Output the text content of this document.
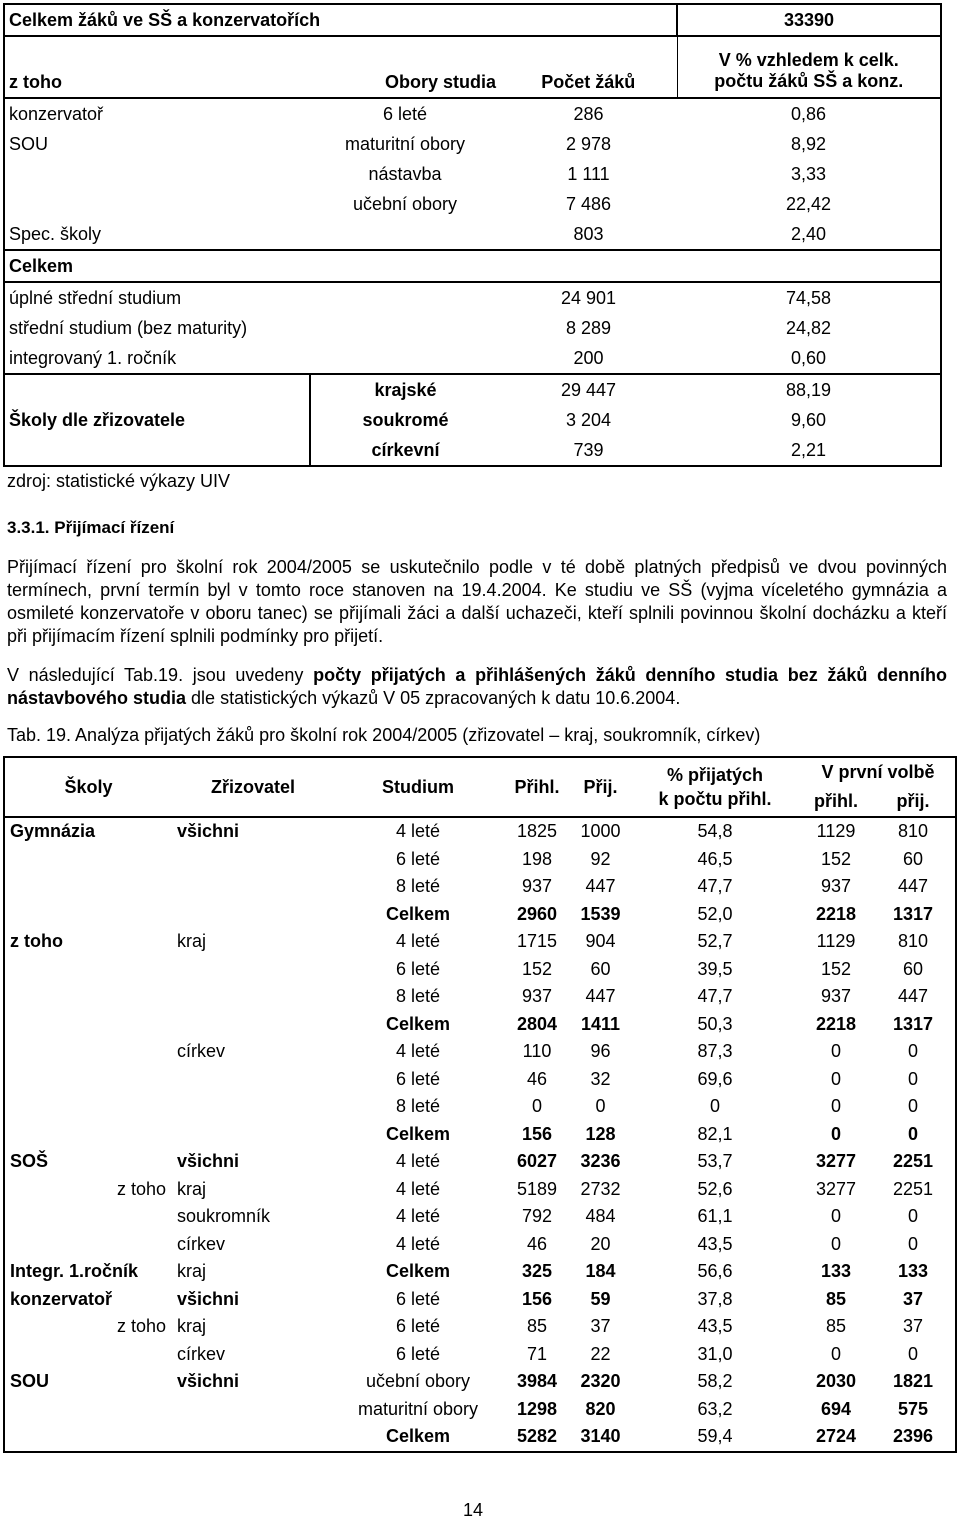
Celkem žáků ve SŠ a konzervatořích			33390
z toho	Obory studia	Počet žáků	V % vzhledem k celk.
počtu žáků SŠ a konz.
konzervatoř	6 leté	286	0,86
SOU	maturitní obory	2 978	8,92
	nástavba	1 111	3,33
	učební obory	7 486	22,42
Spec. školy		803	2,40
Celkem			
úplné střední studium		24 901	74,58
střední studium (bez maturity)		8 289	24,82
integrovaný 1. ročník		200	0,60
Školy dle zřizovatele	krajské	29 447	88,19
	soukromé	3 204	9,60
	církevní	739	2,21
zdroj: statistické výkazy UIV
3.3.1. Přijímací řízení
Přijímací řízení pro školní rok 2004/2005 se uskutečnilo podle v té době platných předpisů ve dvou povinných termínech, první termín byl v tomto roce stanoven na 19.4.2004. Ke studiu ve SŠ (vyjma víceletého gymnázia a osmileté konzervatoře v oboru tanec) se přijímali žáci a další uchazeči, kteří splnili povinnou školní docházku a kteří při přijímacím řízení splnili podmínky pro přijetí.
V následující Tab.19. jsou uvedeny počty přijatých a přihlášených žáků denního studia bez žáků denního nástavbového studia dle statistických výkazů V 05 zpracovaných k datu 10.6.2004.
Tab. 19. Analýza přijatých žáků pro školní rok 2004/2005 (zřizovatel – kraj, soukromník, církev)
Školy	Zřizovatel	Studium	Přihl.	Přij.	% přijatých
k počtu přihl.	V první volbě	
						přihl.	přij.
Gymnázia	všichni	4 leté	1825	1000	54,8	1129	810
		6 leté	198	92	46,5	152	60
		8 leté	937	447	47,7	937	447
		Celkem	2960	1539	52,0	2218	1317
z toho	kraj	4 leté	1715	904	52,7	1129	810
		6 leté	152	60	39,5	152	60
		8 leté	937	447	47,7	937	447
		Celkem	2804	1411	50,3	2218	1317
	církev	4 leté	110	96	87,3	0	0
		6 leté	46	32	69,6	0	0
		8 leté	0	0	0	0	0
		Celkem	156	128	82,1	0	0
SOŠ	všichni	4 leté	6027	3236	53,7	3277	2251
z toho	kraj	4 leté	5189	2732	52,6	3277	2251
	soukromník	4 leté	792	484	61,1	0	0
	církev	4 leté	46	20	43,5	0	0
Integr. 1.ročník	kraj	Celkem	325	184	56,6	133	133
konzervatoř	všichni	6 leté	156	59	37,8	85	37
z toho	kraj	6 leté	85	37	43,5	85	37
	církev	6 leté	71	22	31,0	0	0
SOU	všichni	učební obory	3984	2320	58,2	2030	1821
		maturitní obory	1298	820	63,2	694	575
		Celkem	5282	3140	59,4	2724	2396
14
